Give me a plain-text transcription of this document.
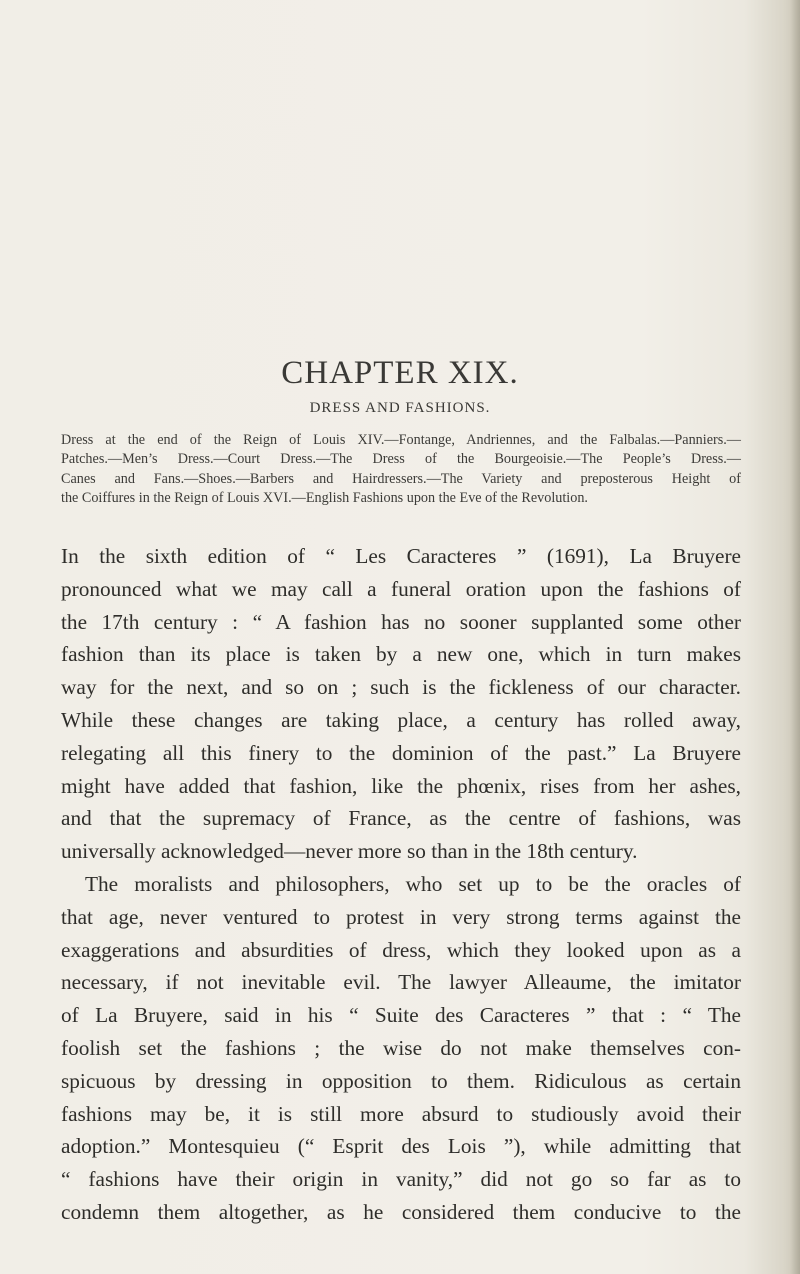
CHAPTER XIX.
DRESS AND FASHIONS.

Dress at the end of the Reign of Louis XIV.—Fontange, Andriennes, and the Falbalas.—Panniers.—
Patches.—Men’s Dress.—Court Dress.—The Dress of the Bourgeoisie.—The People’s Dress.—
Canes and Fans.—Shoes.—Barbers and Hairdressers.—The Variety and preposterous Height of
the Coiffures in the Reign of Louis XVI.—English Fashions upon the Eve of the Revolution.

In the sixth edition of “ Les Caracteres ” (1691), La Bruyere
pronounced what we may call a funeral oration upon the fashions of
the 17th century : “ A fashion has no sooner supplanted some other
fashion than its place is taken by a new one, which in turn makes
way for the next, and so on ; such is the fickleness of our character.
While these changes are taking place, a century has rolled away,
relegating all this finery to the dominion of the past.” La Bruyere
might have added that fashion, like the phœnix, rises from her ashes,
and that the supremacy of France, as the centre of fashions, was
universally acknowledged—never more so than in the 18th century.
The moralists and philosophers, who set up to be the oracles of
that age, never ventured to protest in very strong terms against the
exaggerations and absurdities of dress, which they looked upon as a
necessary, if not inevitable evil. The lawyer Alleaume, the imitator
of La Bruyere, said in his “ Suite des Caracteres ” that : “ The
foolish set the fashions ; the wise do not make themselves con-
spicuous by dressing in opposition to them. Ridiculous as certain
fashions may be, it is still more absurd to studiously avoid their
adoption.” Montesquieu (“ Esprit des Lois ”), while admitting that
“ fashions have their origin in vanity,” did not go so far as to
condemn them altogether, as he considered them conducive to the
